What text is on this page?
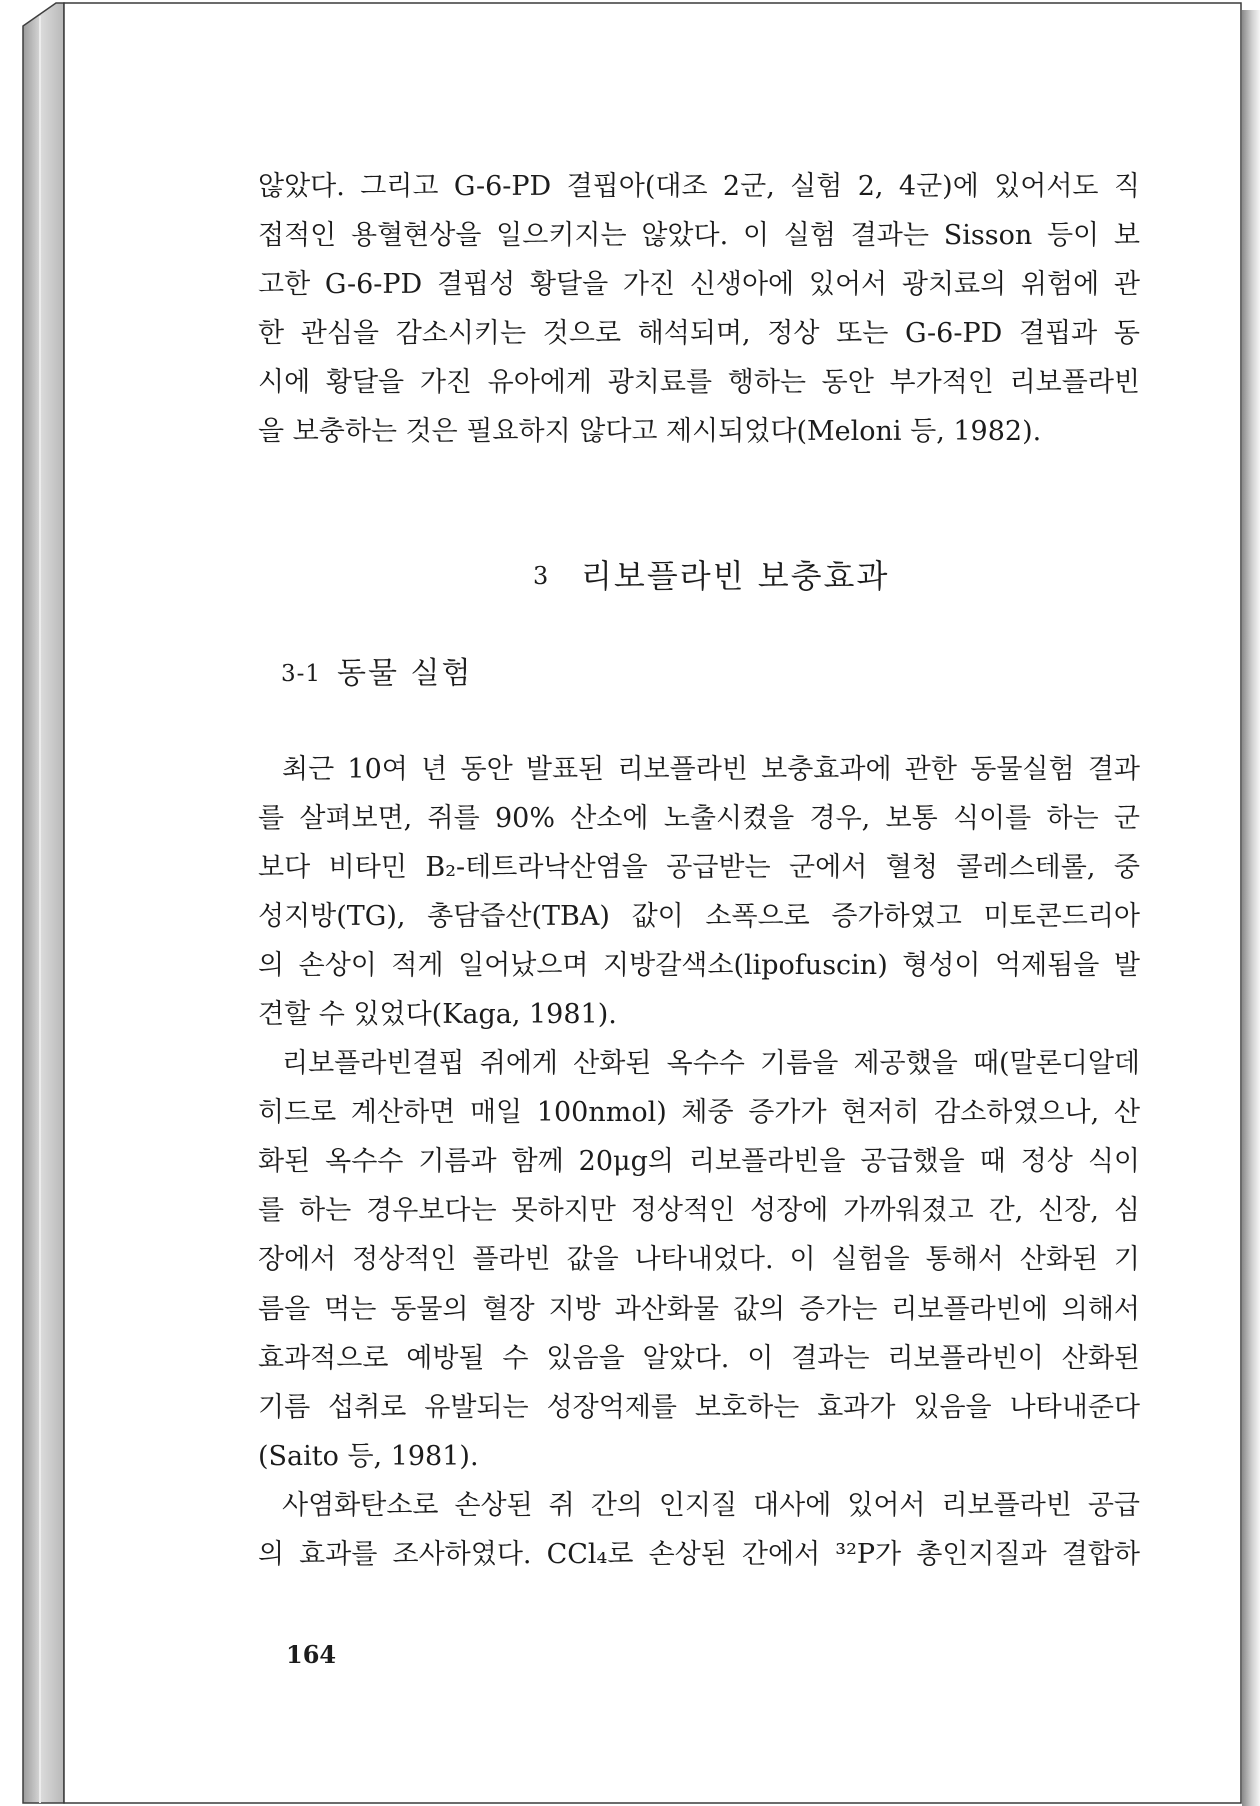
않았다. 그리고 G-6-PD 결핍아(대조 2군, 실험 2, 4군)에 있어서도 직
접적인 용혈현상을 일으키지는 않았다. 이 실험 결과는 Sisson 등이 보
고한 G-6-PD 결핍성 황달을 가진 신생아에 있어서 광치료의 위험에 관
한 관심을 감소시키는 것으로 해석되며, 정상 또는 G-6-PD 결핍과 동
시에 황달을 가진 유아에게 광치료를 행하는 동안 부가적인 리보플라빈
을 보충하는 것은 필요하지 않다고 제시되었다(Meloni 등, 1982).
3 리보플라빈 보충효과
3-1 동물 실험
최근 10여 년 동안 발표된 리보플라빈 보충효과에 관한 동물실험 결과
를 살펴보면, 쥐를 90% 산소에 노출시켰을 경우, 보통 식이를 하는 군
보다 비타민 B₂-테트라낙산염을 공급받는 군에서 혈청 콜레스테롤, 중
성지방(TG), 총담즙산(TBA) 값이 소폭으로 증가하였고 미토콘드리아
의 손상이 적게 일어났으며 지방갈색소(lipofuscin) 형성이 억제됨을 발
견할 수 있었다(Kaga, 1981).
리보플라빈결핍 쥐에게 산화된 옥수수 기름을 제공했을 때(말론디알데
히드로 계산하면 매일 100nmol) 체중 증가가 현저히 감소하였으나, 산
화된 옥수수 기름과 함께 20μg의 리보플라빈을 공급했을 때 정상 식이
를 하는 경우보다는 못하지만 정상적인 성장에 가까워졌고 간, 신장, 심
장에서 정상적인 플라빈 값을 나타내었다. 이 실험을 통해서 산화된 기
름을 먹는 동물의 혈장 지방 과산화물 값의 증가는 리보플라빈에 의해서
효과적으로 예방될 수 있음을 알았다. 이 결과는 리보플라빈이 산화된
기름 섭취로 유발되는 성장억제를 보호하는 효과가 있음을 나타내준다
(Saito 등, 1981).
사염화탄소로 손상된 쥐 간의 인지질 대사에 있어서 리보플라빈 공급
의 효과를 조사하였다. CCl₄로 손상된 간에서 ³²P가 총인지질과 결합하
164
